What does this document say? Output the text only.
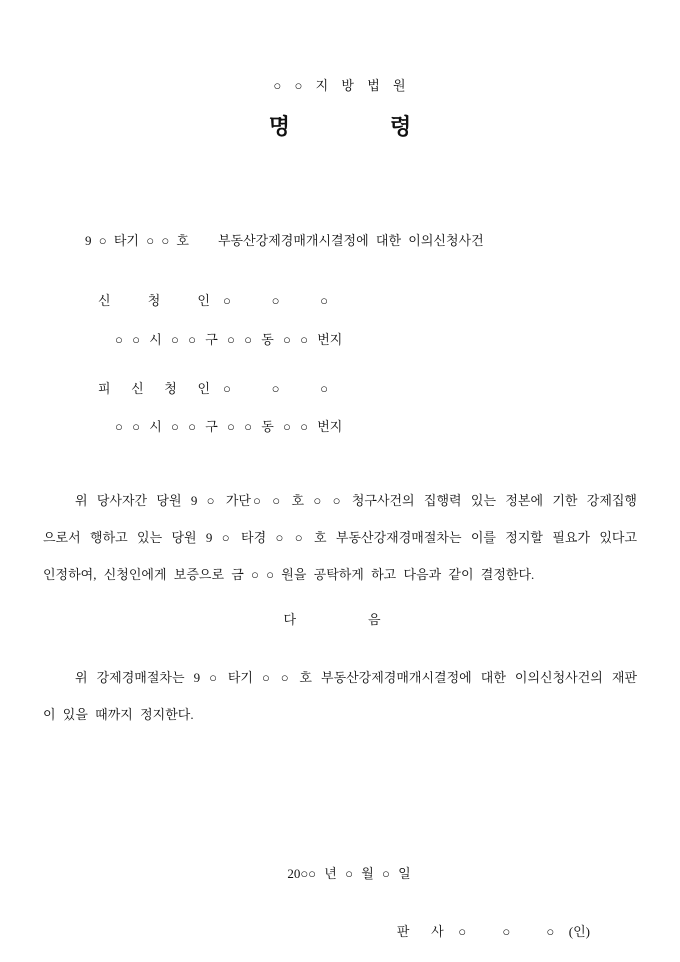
○ ○ 지 방 법 원
명	령
9 ○ 타기 ○ ○ 호    부동산강제경매개시결정에 대한 이의신청사건

신 청 인 ○ ○ ○

○ ○ 시 ○ ○ 구 ○ ○ 동 ○ ○ 번지

피 신 청 인 ○ ○ ○

○ ○ 시 ○ ○ 구 ○ ○ 동 ○ ○ 번지
위 당사자간 당원 9 ○ 가단○ ○ 호 ○ ○ 청구사건의 집행력 있는 정본에 기한 강제집행
으로서 행하고 있는 당원 9 ○ 타경 ○ ○ 호 부동산강재경매절차는 이를 정지할 필요가 있다고
인정하여, 신청인에게 보증으로 금 ○ ○ 원을 공탁하게 하고 다음과 같이 결정한다.
다	음
위 강제경매절차는 9 ○ 타기 ○ ○ 호 부동산강제경매개시결정에 대한 이의신청사건의 재판
이 있을 때까지 정지한다.
20○○ 년 ○ 월 ○ 일
판   사  ○     ○     ○  (인)
